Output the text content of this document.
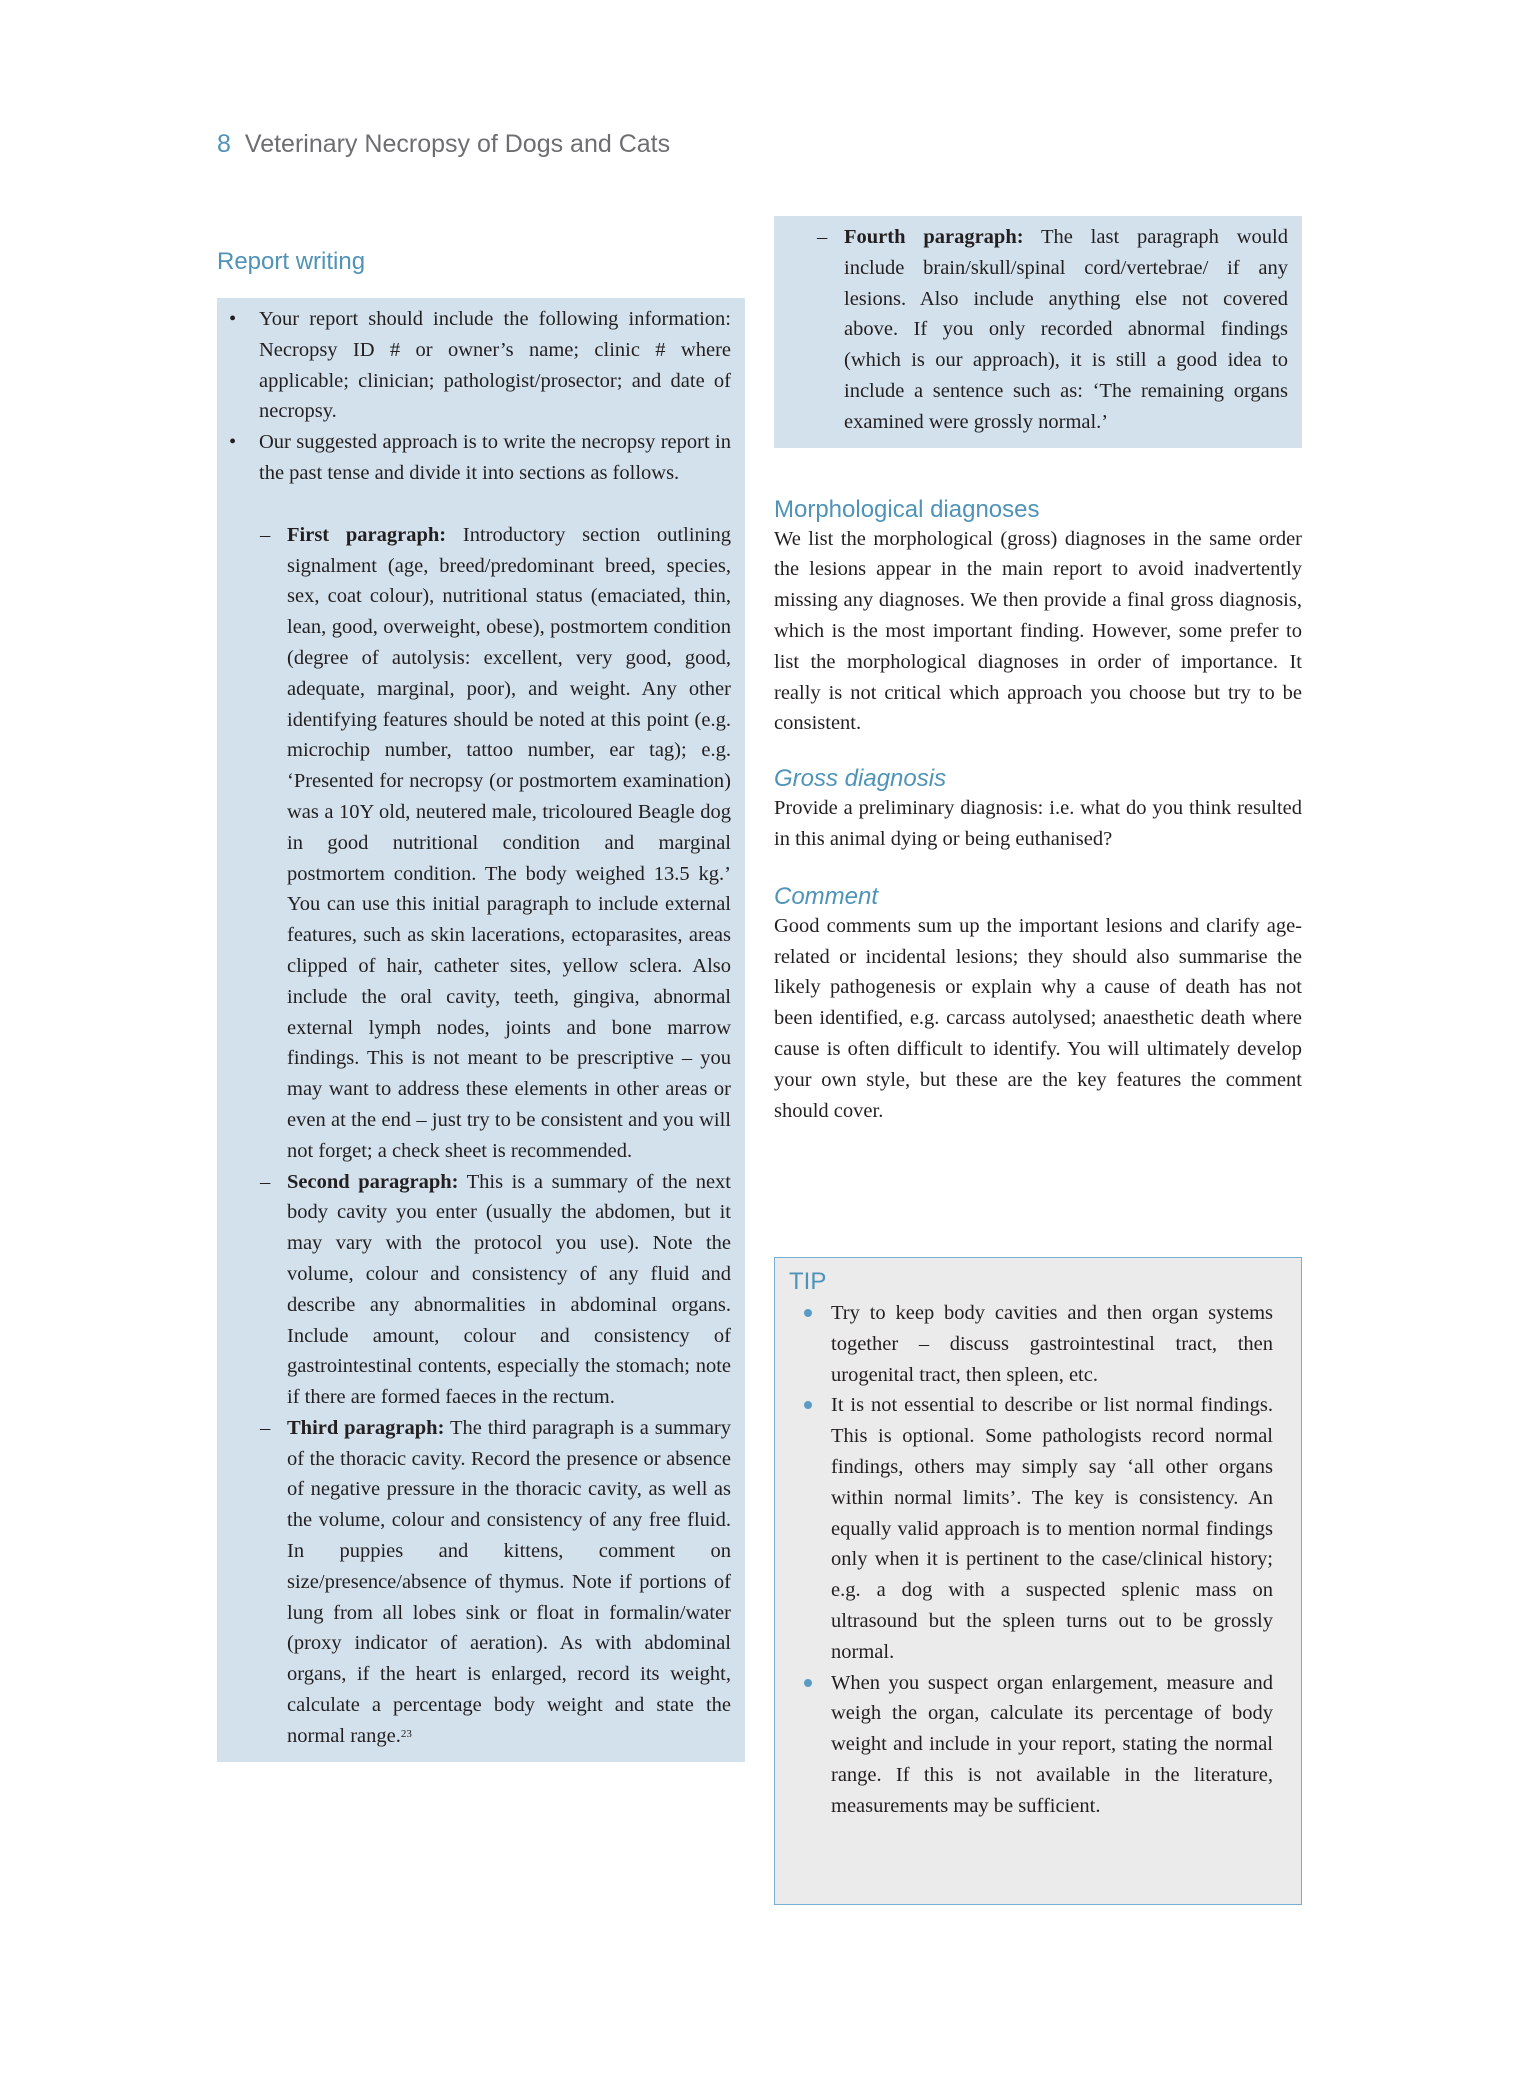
8 Veterinary Necropsy of Dogs and Cats
Report writing
• Your report should include the following information: Necropsy ID # or owner’s name; clinic # where applicable; clinician; pathologist/prosector; and date of necropsy.
• Our suggested approach is to write the necropsy report in the past tense and divide it into sections as follows.
– First paragraph: Introductory section outlining signalment (age, breed/predominant breed, species, sex, coat colour), nutritional status (emaciated, thin, lean, good, overweight, obese), postmortem condition (degree of autolysis: excellent, very good, good, adequate, marginal, poor), and weight. Any other identifying features should be noted at this point (e.g. microchip number, tattoo number, ear tag); e.g. ‘Presented for necropsy (or postmortem examination) was a 10Y old, neutered male, tricoloured Beagle dog in good nutritional condition and marginal postmortem condition. The body weighed 13.5 kg.’ You can use this initial paragraph to include external features, such as skin lacerations, ectoparasites, areas clipped of hair, catheter sites, yellow sclera. Also include the oral cavity, teeth, gingiva, abnormal external lymph nodes, joints and bone marrow findings. This is not meant to be prescriptive – you may want to address these elements in other areas or even at the end – just try to be consistent and you will not forget; a check sheet is recommended.
– Second paragraph: This is a summary of the next body cavity you enter (usually the abdomen, but it may vary with the protocol you use). Note the volume, colour and consistency of any fluid and describe any abnormalities in abdominal organs. Include amount, colour and consistency of gastrointestinal contents, especially the stomach; note if there are formed faeces in the rectum.
– Third paragraph: The third paragraph is a summary of the thoracic cavity. Record the presence or absence of negative pressure in the thoracic cavity, as well as the volume, colour and consistency of any free fluid. In puppies and kittens, comment on size/presence/absence of thymus. Note if portions of lung from all lobes sink or float in formalin/water (proxy indicator of aeration). As with abdominal organs, if the heart is enlarged, record its weight, calculate a percentage body weight and state the normal range.$^{23}$
– Fourth paragraph: The last paragraph would include brain/skull/spinal cord/vertebrae/ if any lesions. Also include anything else not covered above. If you only recorded abnormal findings (which is our approach), it is still a good idea to include a sentence such as: ‘The remaining organs examined were grossly normal.’
Morphological diagnoses

We list the morphological (gross) diagnoses in the same order the lesions appear in the main report to avoid inadvertently missing any diagnoses. We then provide a final gross diagnosis, which is the most important finding. However, some prefer to list the morphological diagnoses in order of importance. It really is not critical which approach you choose but try to be consistent.

Gross diagnosis

Provide a preliminary diagnosis: i.e. what do you think resulted in this animal dying or being euthanised?

Comment

Good comments sum up the important lesions and clarify age-related or incidental lesions; they should also summarise the likely pathogenesis or explain why a cause of death has not been identified, e.g. carcass autolysed; anaesthetic death where cause is often difficult to identify. You will ultimately develop your own style, but these are the key features the comment should cover.

TIP
Try to keep body cavities and then organ systems together – discuss gastrointestinal tract, then urogenital tract, then spleen, etc.
It is not essential to describe or list normal findings. This is optional. Some pathologists record normal findings, others may simply say ‘all other organs within normal limits’. The key is consistency. An equally valid approach is to mention normal findings only when it is pertinent to the case/clinical history; e.g. a dog with a suspected splenic mass on ultrasound but the spleen turns out to be grossly normal.
When you suspect organ enlargement, measure and weigh the organ, calculate its percentage of body weight and include in your report, stating the normal range. If this is not available in the literature, measurements may be sufficient.
